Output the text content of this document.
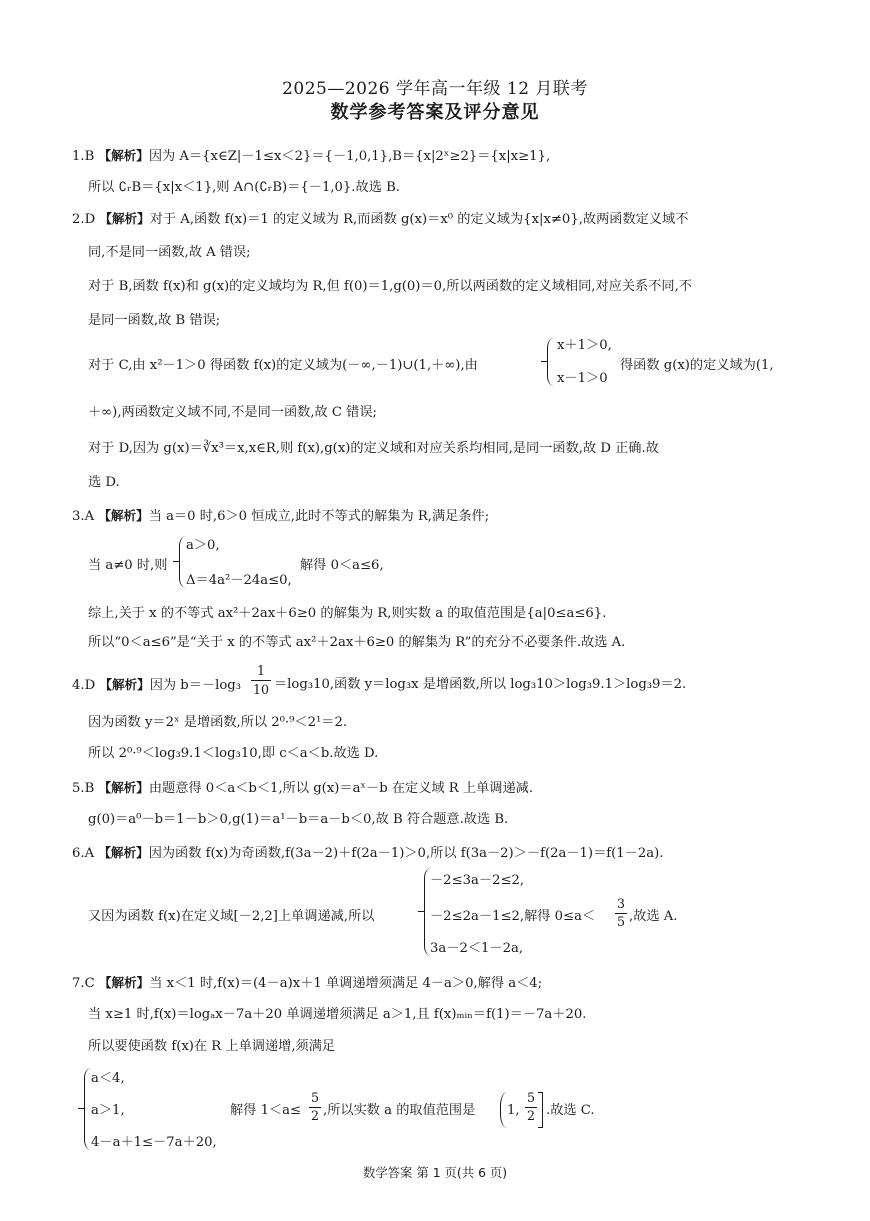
2025—2026 学年高一年级 12 月联考
数学参考答案及评分意见
1.B 【解析】因为 A＝{x∈Z|－1≤x＜2}＝{－1,0,1},B＝{x|2ˣ≥2}＝{x|x≥1},
所以 ∁ᵣB＝{x|x＜1},则 A∩(∁ᵣB)＝{－1,0}.故选 B.
2.D 【解析】对于 A,函数 f(x)＝1 的定义域为 R,而函数 g(x)＝x⁰ 的定义域为{x|x≠0},故两函数定义域不
同,不是同一函数,故 A 错误;
对于 B,函数 f(x)和 g(x)的定义域均为 R,但 f(0)＝1,g(0)＝0,所以两函数的定义域相同,对应关系不同,不
是同一函数,故 B 错误;
对于 C,由 x²－1＞0 得函数 f(x)的定义域为(－∞,－1)∪(1,＋∞),由
x＋1＞0,
x－1＞0
得函数 g(x)的定义域为(1,
＋∞),两函数定义域不同,不是同一函数,故 C 错误;
对于 D,因为 g(x)＝∛x³＝x,x∈R,则 f(x),g(x)的定义域和对应关系均相同,是同一函数,故 D 正确.故
选 D.
3.A 【解析】当 a＝0 时,6＞0 恒成立,此时不等式的解集为 R,满足条件;
当 a≠0 时,则
a＞0,
Δ＝4a²－24a≤0,
解得 0＜a≤6,
综上,关于 x 的不等式 ax²＋2ax＋6≥0 的解集为 R,则实数 a 的取值范围是{a|0≤a≤6}.
所以“0＜a≤6”是“关于 x 的不等式 ax²＋2ax＋6≥0 的解集为 R”的充分不必要条件.故选 A.
4.D 【解析】因为 b＝－log₃
1
10 ＝log₃10,函数 y＝log₃x 是增函数,所以 log₃10＞log₃9.1＞log₃9＝2.
因为函数 y＝2ˣ 是增函数,所以 2⁰·⁹＜2¹＝2.
所以 2⁰·⁹＜log₃9.1＜log₃10,即 c＜a＜b.故选 D.
5.B 【解析】由题意得 0＜a＜b＜1,所以 g(x)＝aˣ－b 在定义域 R 上单调递减.
g(0)＝a⁰－b＝1－b＞0,g(1)＝a¹－b＝a－b＜0,故 B 符合题意.故选 B.
6.A 【解析】因为函数 f(x)为奇函数,f(3a－2)＋f(2a－1)＞0,所以 f(3a－2)＞－f(2a－1)＝f(1－2a).
又因为函数 f(x)在定义域[－2,2]上单调递减,所以
－2≤3a－2≤2,
－2≤2a－1≤2,解得 0≤a＜
3
5 ,故选 A.
3a－2＜1－2a,
7.C 【解析】当 x＜1 时,f(x)＝(4－a)x＋1 单调递增须满足 4－a＞0,解得 a＜4;
当 x≥1 时,f(x)＝logₐx－7a＋20 单调递增须满足 a＞1,且 f(x)ₘᵢₙ＝f(1)＝－7a＋20.
所以要使函数 f(x)在 R 上单调递增,须满足
a＜4,
a＞1,
4－a＋1≤－7a＋20,
解得 1＜a≤
5
2 ,所以实数 a 的取值范围是 1,
5
2 .故选 C.
数学答案 第 1 页(共 6 页)
